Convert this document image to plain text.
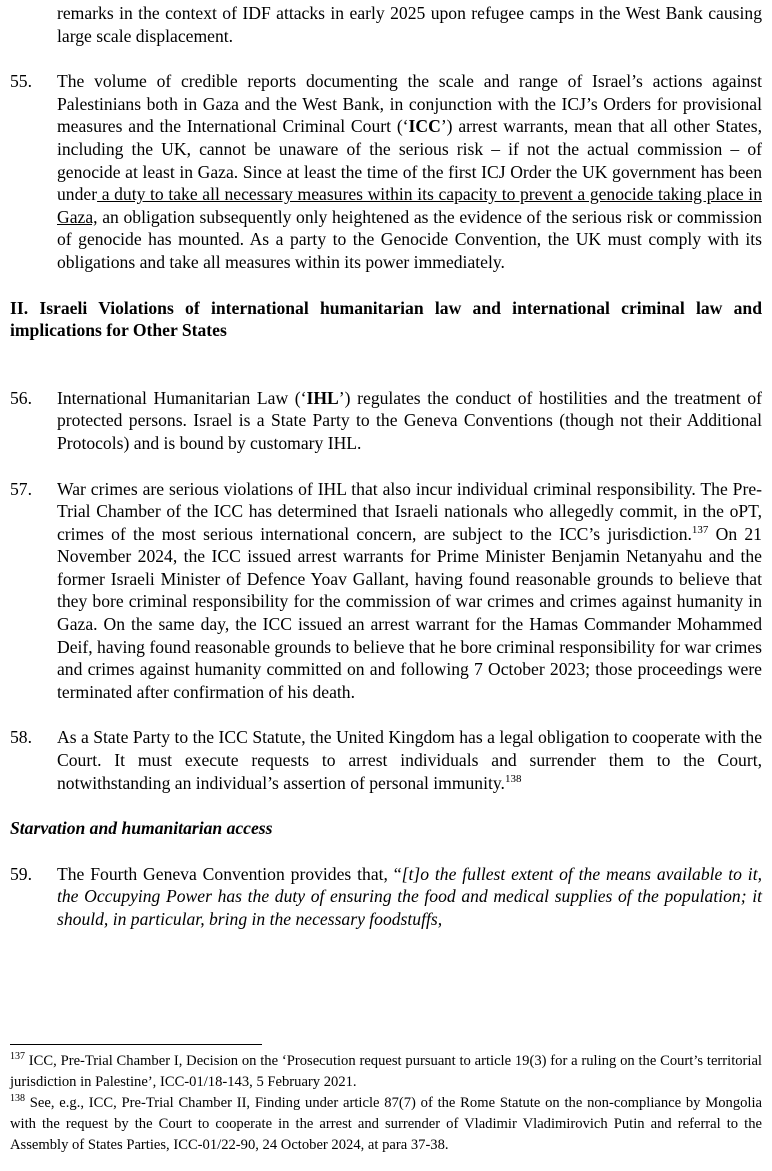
remarks in the context of IDF attacks in early 2025 upon refugee camps in the West Bank causing large scale displacement.

55. The volume of credible reports documenting the scale and range of Israel’s actions against Palestinians both in Gaza and the West Bank, in conjunction with the ICJ’s Orders for provisional measures and the International Criminal Court (‘ICC’) arrest warrants, mean that all other States, including the UK, cannot be unaware of the serious risk – if not the actual commission – of genocide at least in Gaza. Since at least the time of the first ICJ Order the UK government has been under a duty to take all necessary measures within its capacity to prevent a genocide taking place in Gaza, an obligation subsequently only heightened as the evidence of the serious risk or commission of genocide has mounted. As a party to the Genocide Convention, the UK must comply with its obligations and take all measures within its power immediately.

II. Israeli Violations of international humanitarian law and international criminal law and implications for Other States

56. International Humanitarian Law (‘IHL’) regulates the conduct of hostilities and the treatment of protected persons. Israel is a State Party to the Geneva Conventions (though not their Additional Protocols) and is bound by customary IHL.

57. War crimes are serious violations of IHL that also incur individual criminal responsibility. The Pre-Trial Chamber of the ICC has determined that Israeli nationals who allegedly commit, in the oPT, crimes of the most serious international concern, are subject to the ICC’s jurisdiction.$^{137}$ On 21 November 2024, the ICC issued arrest warrants for Prime Minister Benjamin Netanyahu and the former Israeli Minister of Defence Yoav Gallant, having found reasonable grounds to believe that they bore criminal responsibility for the commission of war crimes and crimes against humanity in Gaza. On the same day, the ICC issued an arrest warrant for the Hamas Commander Mohammed Deif, having found reasonable grounds to believe that he bore criminal responsibility for war crimes and crimes against humanity committed on and following 7 October 2023; those proceedings were terminated after confirmation of his death.

58. As a State Party to the ICC Statute, the United Kingdom has a legal obligation to cooperate with the Court. It must execute requests to arrest individuals and surrender them to the Court, notwithstanding an individual’s assertion of personal immunity.$^{138}$

Starvation and humanitarian access

59. The Fourth Geneva Convention provides that, “[t]o the fullest extent of the means available to it, the Occupying Power has the duty of ensuring the food and medical supplies of the population; it should, in particular, bring in the necessary foodstuffs,

$^{137}$ ICC, Pre-Trial Chamber I, Decision on the ‘Prosecution request pursuant to article 19(3) for a ruling on the Court’s territorial jurisdiction in Palestine’, ICC-01/18-143, 5 February 2021.

$^{138}$ See, e.g., ICC, Pre-Trial Chamber II, Finding under article 87(7) of the Rome Statute on the non-compliance by Mongolia with the request by the Court to cooperate in the arrest and surrender of Vladimir Vladimirovich Putin and referral to the Assembly of States Parties, ICC-01/22-90, 24 October 2024, at para 37-38.
